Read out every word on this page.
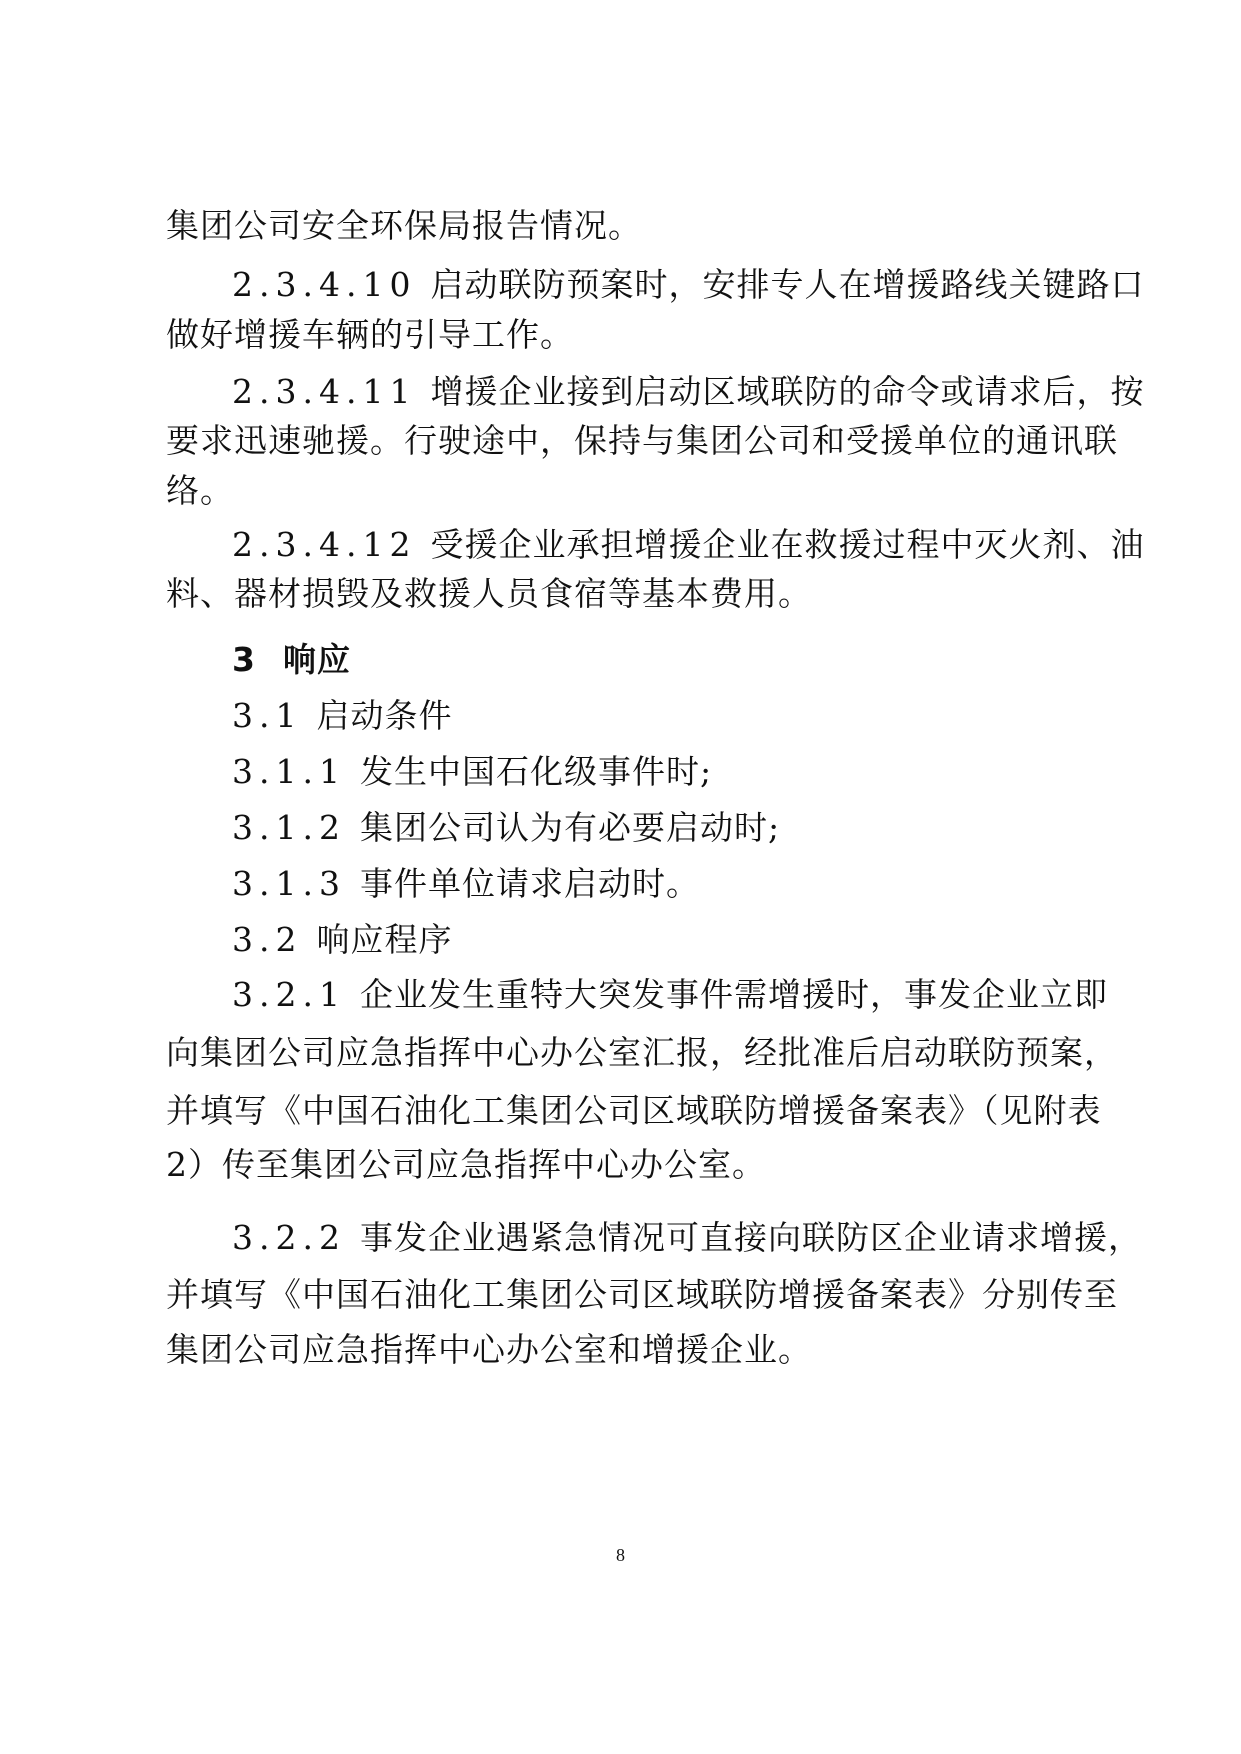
集团公司安全环保局报告情况。
2.3.4.10 启动联防预案时，安排专人在增援路线关键路口
做好增援车辆的引导工作。
2.3.4.11 增援企业接到启动区域联防的命令或请求后，按
要求迅速驰援。行驶途中，保持与集团公司和受援单位的通讯联
络。
2.3.4.12 受援企业承担增援企业在救援过程中灭火剂、油
料、器材损毁及救援人员食宿等基本费用。
3 响应
3.1 启动条件
3.1.1 发生中国石化级事件时;
3.1.2 集团公司认为有必要启动时;
3.1.3 事件单位请求启动时。
3.2 响应程序
3.2.1 企业发生重特大突发事件需增援时，事发企业立即
向集团公司应急指挥中心办公室汇报，经批准后启动联防预案，
并填写《中国石油化工集团公司区域联防增援备案表》（见附表
2）传至集团公司应急指挥中心办公室。
3.2.2 事发企业遇紧急情况可直接向联防区企业请求增援，
并填写《中国石油化工集团公司区域联防增援备案表》分别传至
集团公司应急指挥中心办公室和增援企业。
8
